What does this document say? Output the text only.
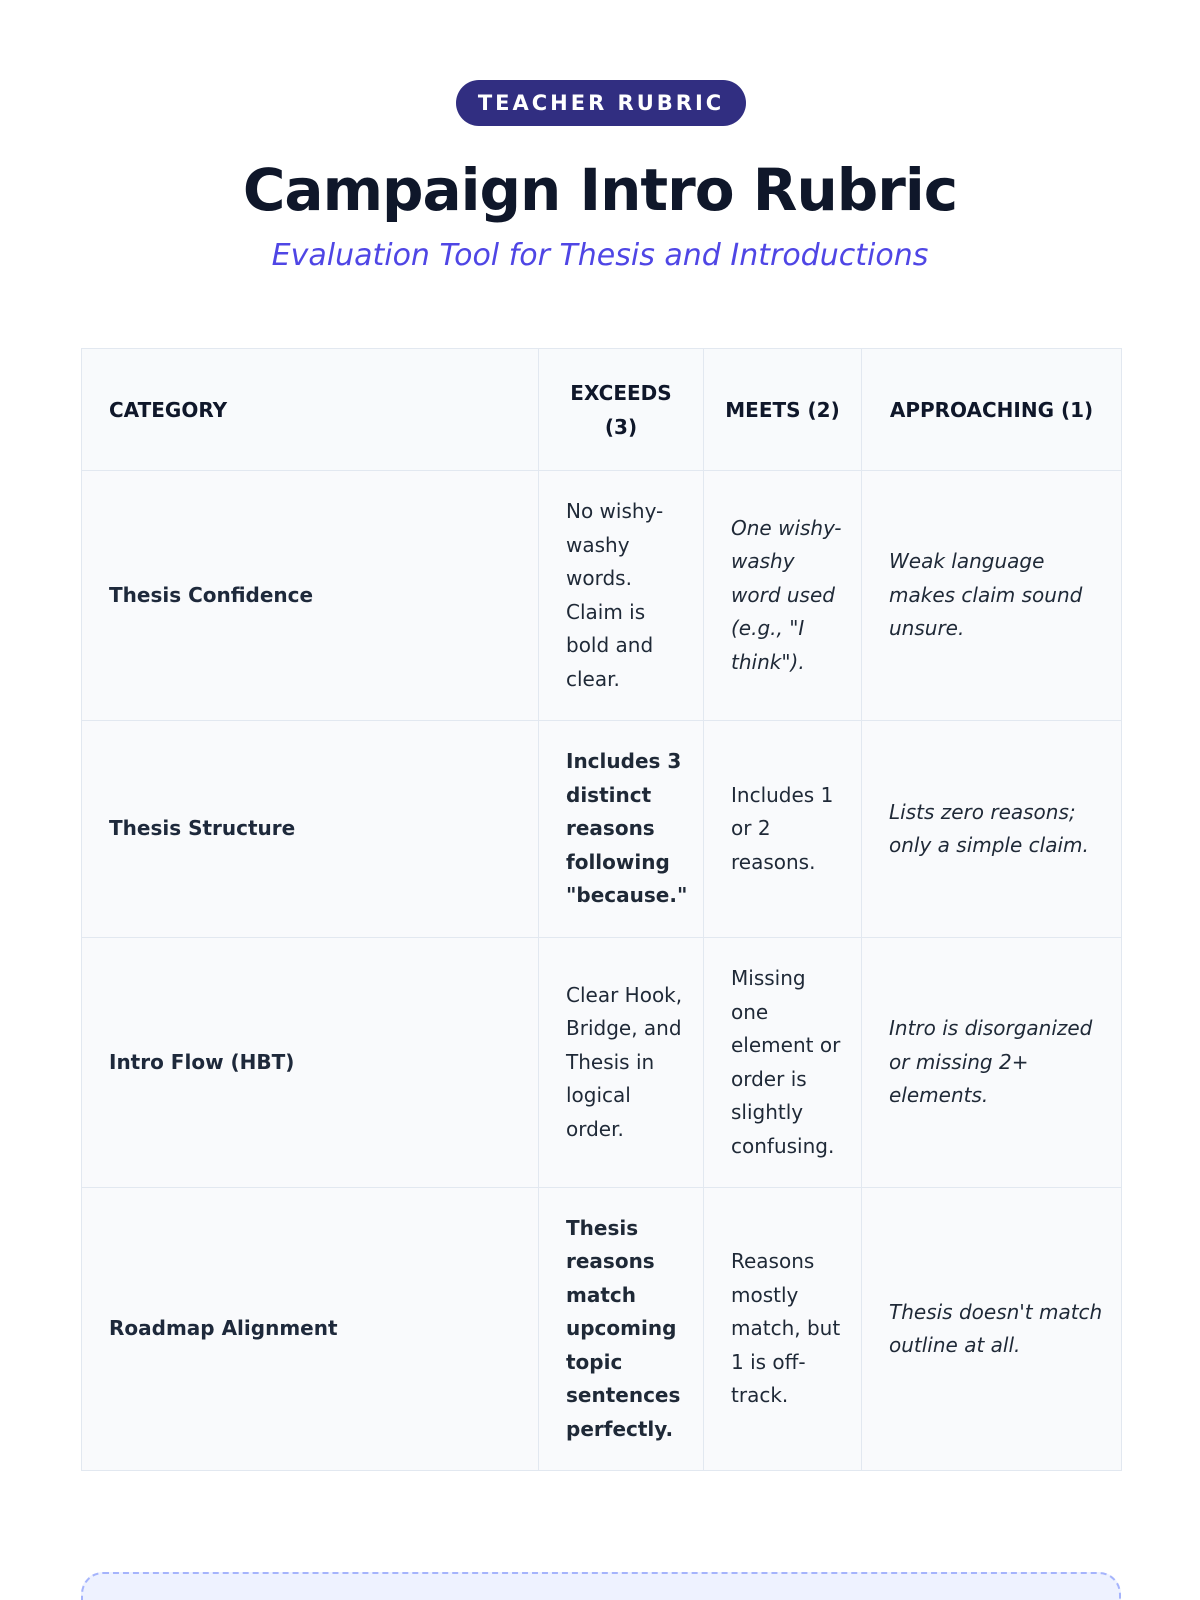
TEACHER RUBRIC
Campaign Intro Rubric
Evaluation Tool for Thesis and Introductions
CATEGORY	EXCEEDS (3)	MEETS (2)	APPROACHING (1)
Thesis Confidence	No wishy-washy words. Claim is bold and clear.	One wishy-washy word used (e.g., "I think").	Weak language makes claim sound unsure.
Thesis Structure	Includes 3 distinct reasons following "because."	Includes 1 or 2 reasons.	Lists zero reasons; only a simple claim.
Intro Flow (HBT)	Clear Hook, Bridge, and Thesis in logical order.	Missing one element or order is slightly confusing.	Intro is disorganized or missing 2+ elements.
Roadmap Alignment	Thesis reasons match upcoming topic sentences perfectly.	Reasons mostly match, but 1 is off-track.	Thesis doesn't match outline at all.
